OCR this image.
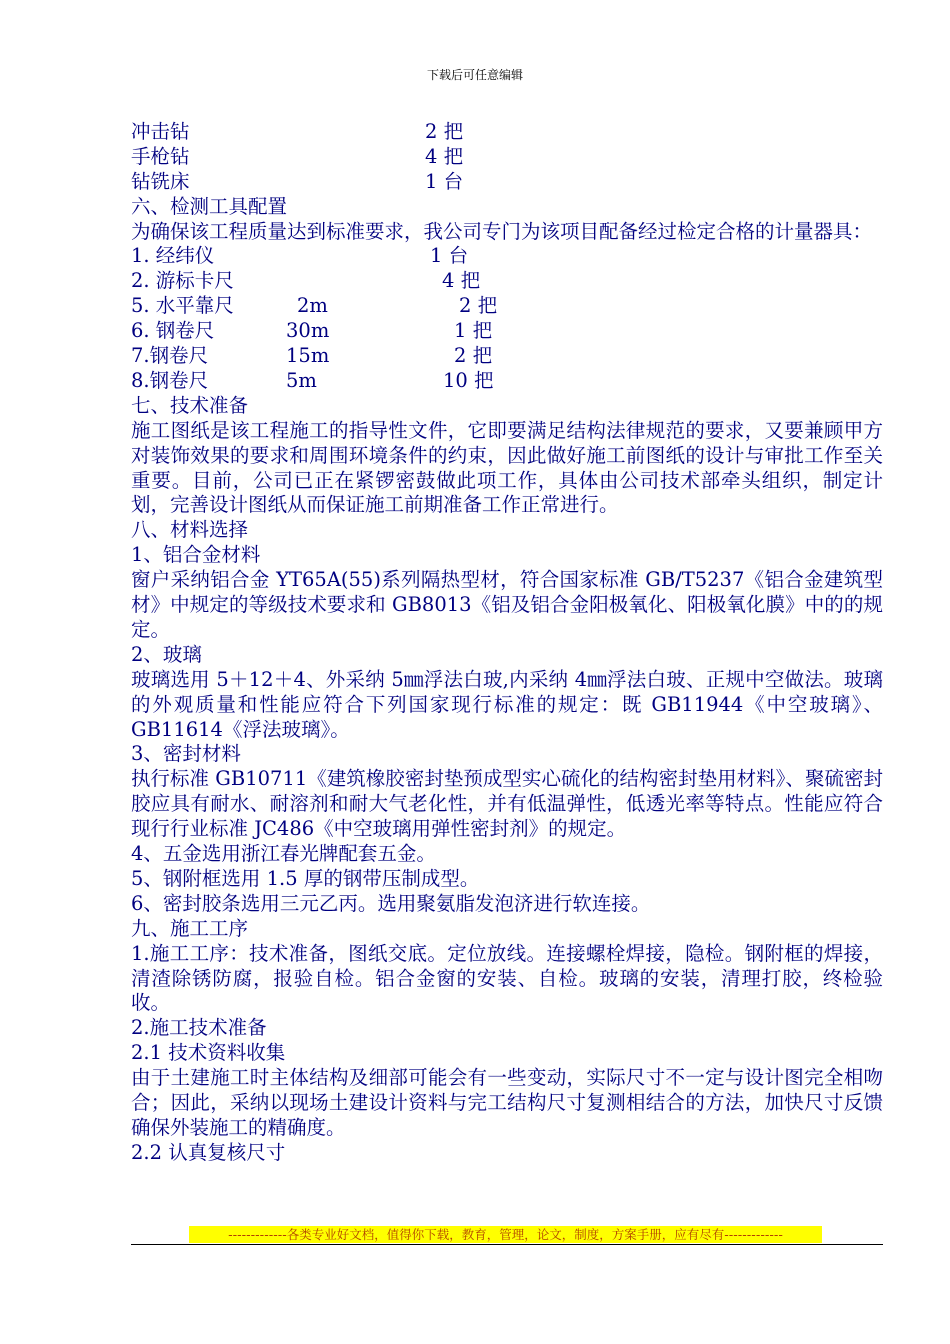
下载后可任意编辑
冲击钻	2 把
手枪钻	4 把
钻铣床	1 台
六、检测工具配置
为确保该工程质量达到标准要求，我公司专门为该项目配备经过检定合格的计量器具：
1. 经纬仪	1 台
2. 游标卡尺	4 把
5. 水平靠尺	2m	2 把
6. 钢卷尺	30m	1 把
7.钢卷尺	15m	2 把
8.钢卷尺	5m	10 把
七、技术准备
施工图纸是该工程施工的指导性文件，它即要满足结构法律规范的要求，又要兼顾甲方对装饰效果的要求和周围环境条件的约束，因此做好施工前图纸的设计与审批工作至关重要。目前，公司已正在紧锣密鼓做此项工作，具体由公司技术部牵头组织，制定计划，完善设计图纸从而保证施工前期准备工作正常进行。
八、材料选择
1、铝合金材料
窗户采纳铝合金 YT65A(55)系列隔热型材，符合国家标准 GB/T5237《铝合金建筑型材》中规定的等级技术要求和 GB8013《铝及铝合金阳极氧化、阳极氧化膜》中的的规定。
2、玻璃
玻璃选用 5＋12＋4、外采纳 5㎜浮法白玻,内采纳 4㎜浮法白玻、正规中空做法。玻璃的外观质量和性能应符合下列国家现行标准的规定：既 GB11944《中空玻璃》、GB11614《浮法玻璃》。
3、密封材料
执行标准 GB10711《建筑橡胶密封垫预成型实心硫化的结构密封垫用材料》、聚硫密封胶应具有耐水、耐溶剂和耐大气老化性，并有低温弹性，低透光率等特点。性能应符合现行行业标准 JC486《中空玻璃用弹性密封剂》的规定。
4、五金选用浙江春光牌配套五金。
5、钢附框选用 1.5 厚的钢带压制成型。
6、密封胶条选用三元乙丙。选用聚氨脂发泡济进行软连接。
九、施工工序
1.施工工序：技术准备，图纸交底。定位放线。连接螺栓焊接，隐检。钢附框的焊接，清渣除锈防腐，报验自检。铝合金窗的安装、自检。玻璃的安装，清理打胶，终检验收。
2.施工技术准备
2.1 技术资料收集
由于土建施工时主体结构及细部可能会有一些变动，实际尺寸不一定与设计图完全相吻合；因此，采纳以现场土建设计资料与完工结构尺寸复测相结合的方法，加快尺寸反馈确保外装施工的精确度。
2.2 认真复核尺寸
-------------各类专业好文档，值得你下载，教育，管理，论文，制度，方案手册，应有尽有-------------
